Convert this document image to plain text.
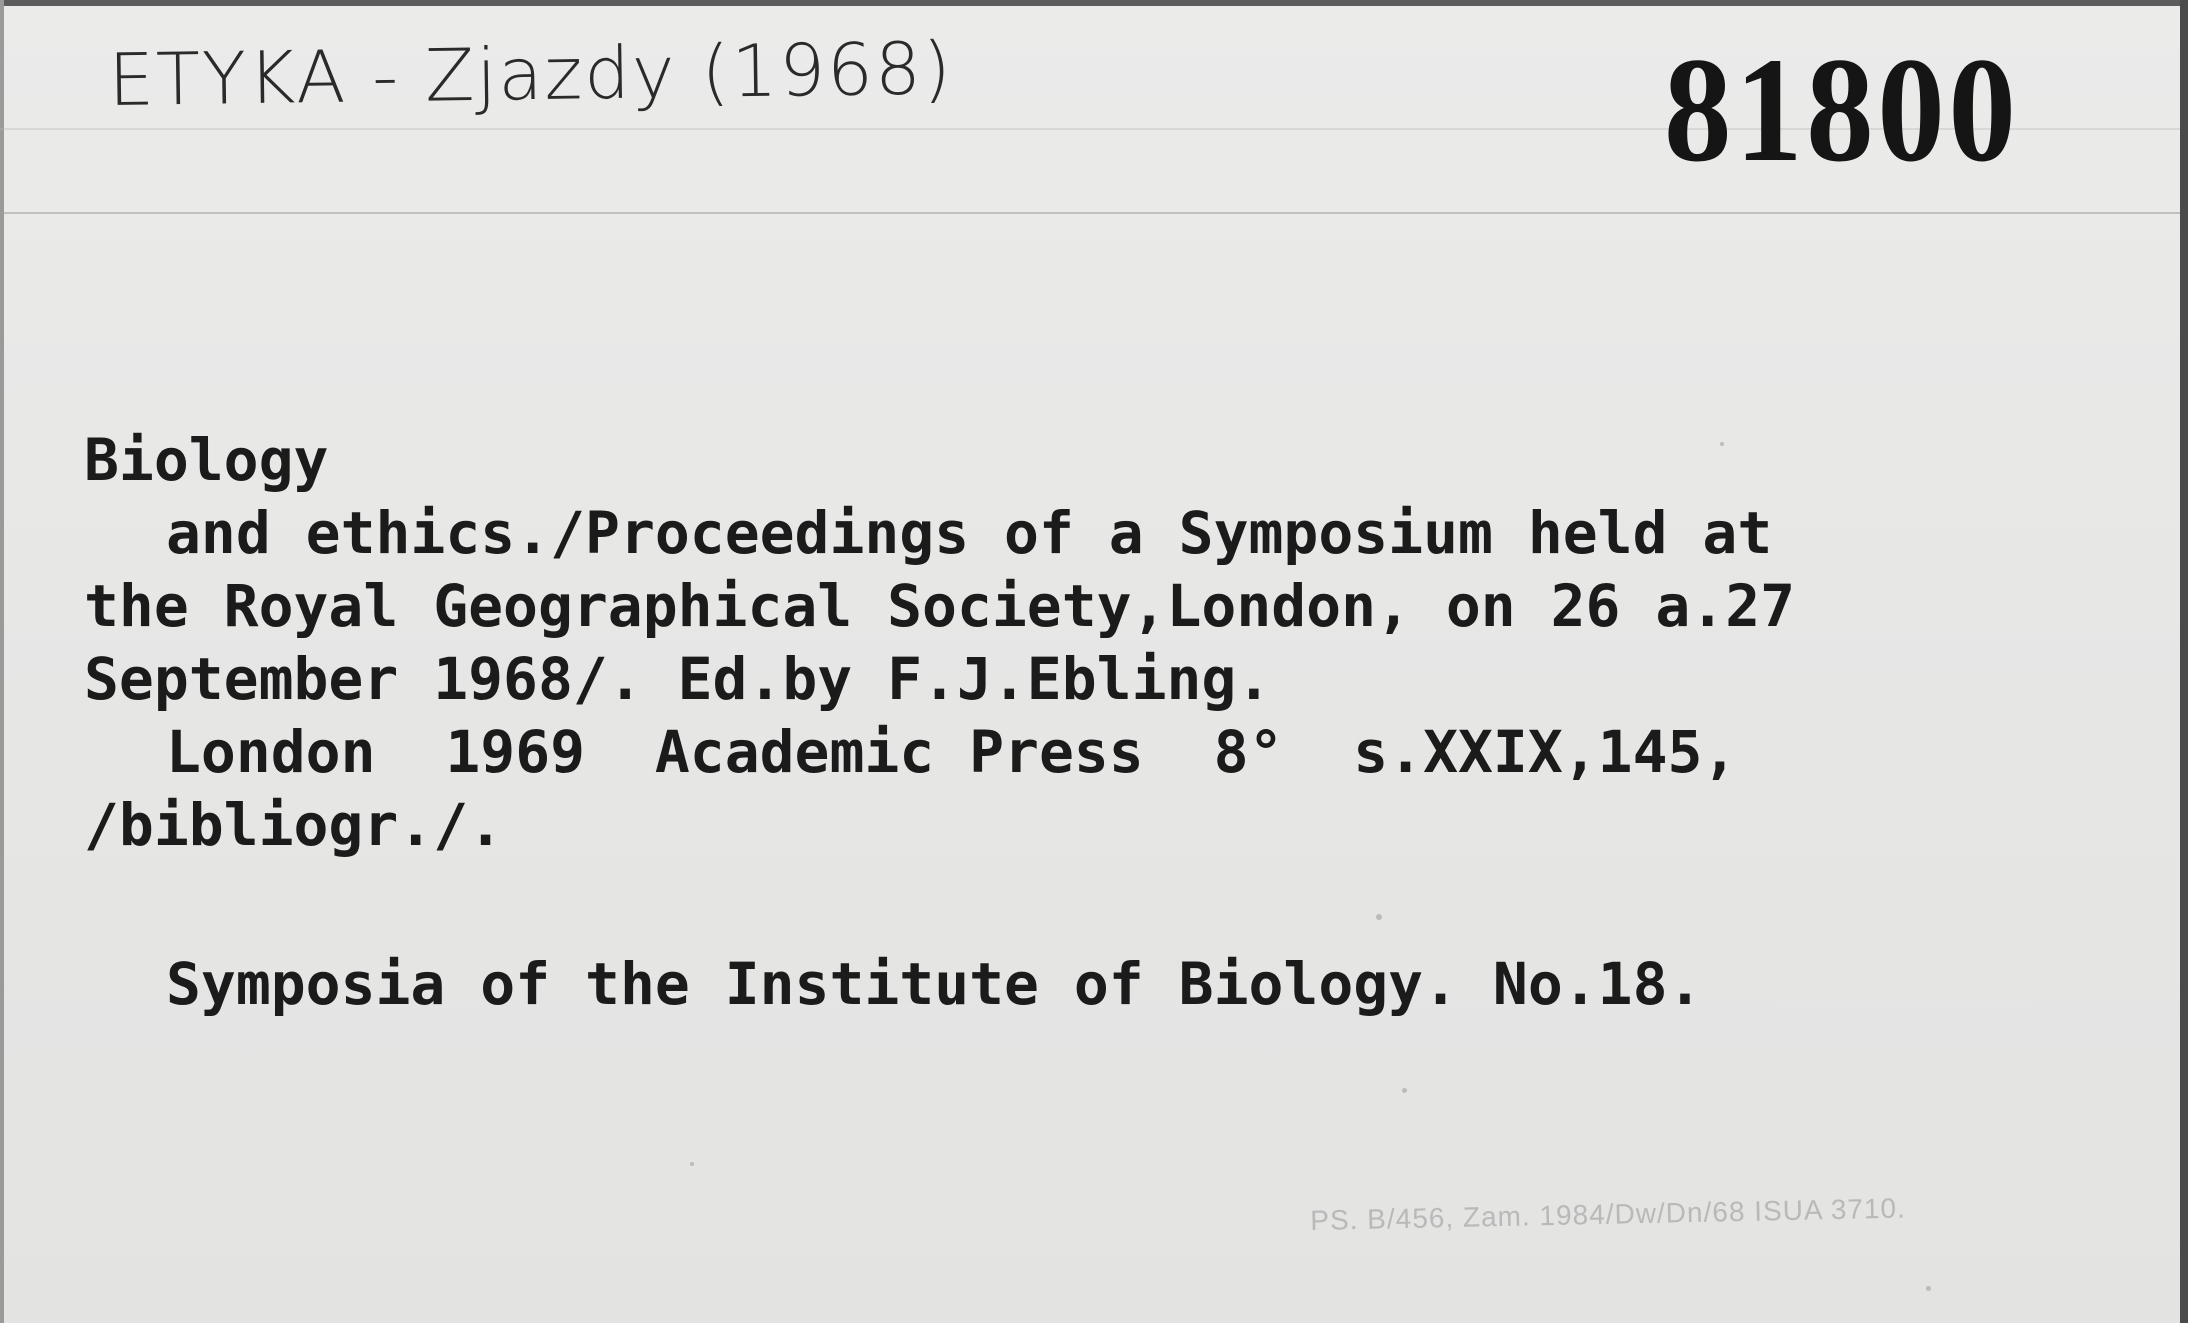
ETYKA - Zjazdy (1968)	81800
Biology
and ethics./Proceedings of a Symposium held at
the Royal Geographical Society,London, on 26 a.27
September 1968/. Ed.by F.J.Ebling.
London  1969  Academic Press  8°  s.XXIX,145,
/bibliogr./.
Symposia of the Institute of Biology. No.18.
PS. B/456, Zam. 1984/Dw/Dn/68 ISUA 3710.
